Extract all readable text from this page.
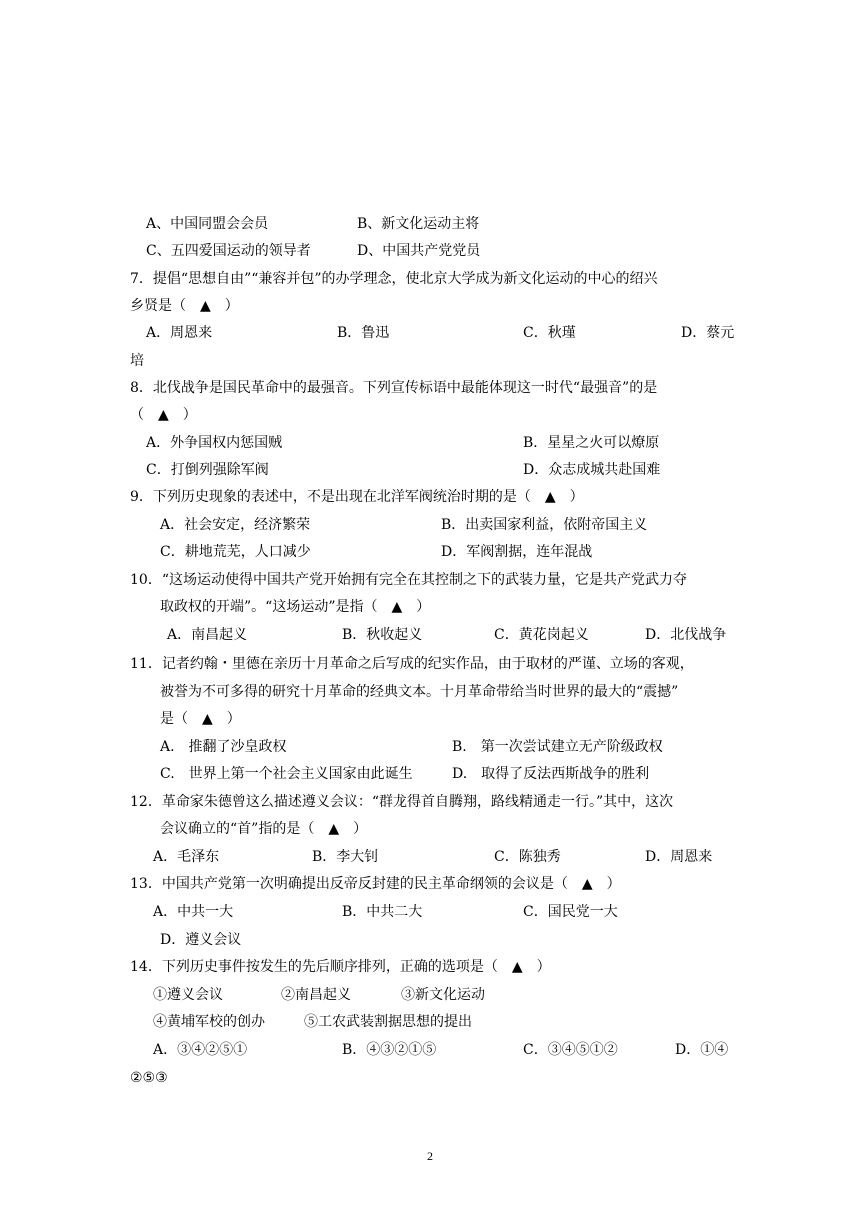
A、中国同盟会会员	B、新文化运动主将
C、五四爱国运动的领导者	D、中国共产党党员
7．提倡“思想自由”“兼容并包”的办学理念，使北京大学成为新文化运动的中心的绍兴
乡贤是（　▲　）
A．周恩来	B．鲁迅	C．秋瑾	D．蔡元
培
8．北伐战争是国民革命中的最强音。下列宣传标语中最能体现这一时代“最强音”的是
（　▲　）
A．外争国权内惩国贼	B．星星之火可以燎原
C．打倒列强除军阀	D．众志成城共赴国难
9．下列历史现象的表述中，不是出现在北洋军阀统治时期的是（　▲　）
A．社会安定，经济繁荣	B．出卖国家利益，依附帝国主义
C．耕地荒芜，人口减少	D．军阀割据，连年混战
10．“这场运动使得中国共产党开始拥有完全在其控制之下的武装力量，它是共产党武力夺
取政权的开端”。“这场运动”是指（　▲　）
A．南昌起义	B．秋收起义	C．黄花岗起义	D．北伐战争
11．记者约翰・里德在亲历十月革命之后写成的纪实作品，由于取材的严谨、立场的客观，
被誉为不可多得的研究十月革命的经典文本。十月革命带给当时世界的最大的“震撼”
是（　▲　）
A.　推翻了沙皇政权	B.　第一次尝试建立无产阶级政权
C.　世界上第一个社会主义国家由此诞生	D.　取得了反法西斯战争的胜利
12．革命家朱德曾这么描述遵义会议：“群龙得首自腾翔，路线精通走一行。”其中，这次
会议确立的“首”指的是（　▲　）
A．毛泽东	B．李大钊	C．陈独秀	D．周恩来
13．中国共产党第一次明确提出反帝反封建的民主革命纲领的会议是（　▲　）
A．中共一大	B．中共二大	C．国民党一大
D．遵义会议
14．下列历史事件按发生的先后顺序排列，正确的选项是（　▲　）
①遵义会议	②南昌起义	③新文化运动
④黄埔军校的创办	⑤工农武装割据思想的提出
A．③④②⑤①	B．④③②①⑤	C．③④⑤①②	D．①④
②⑤③
2
